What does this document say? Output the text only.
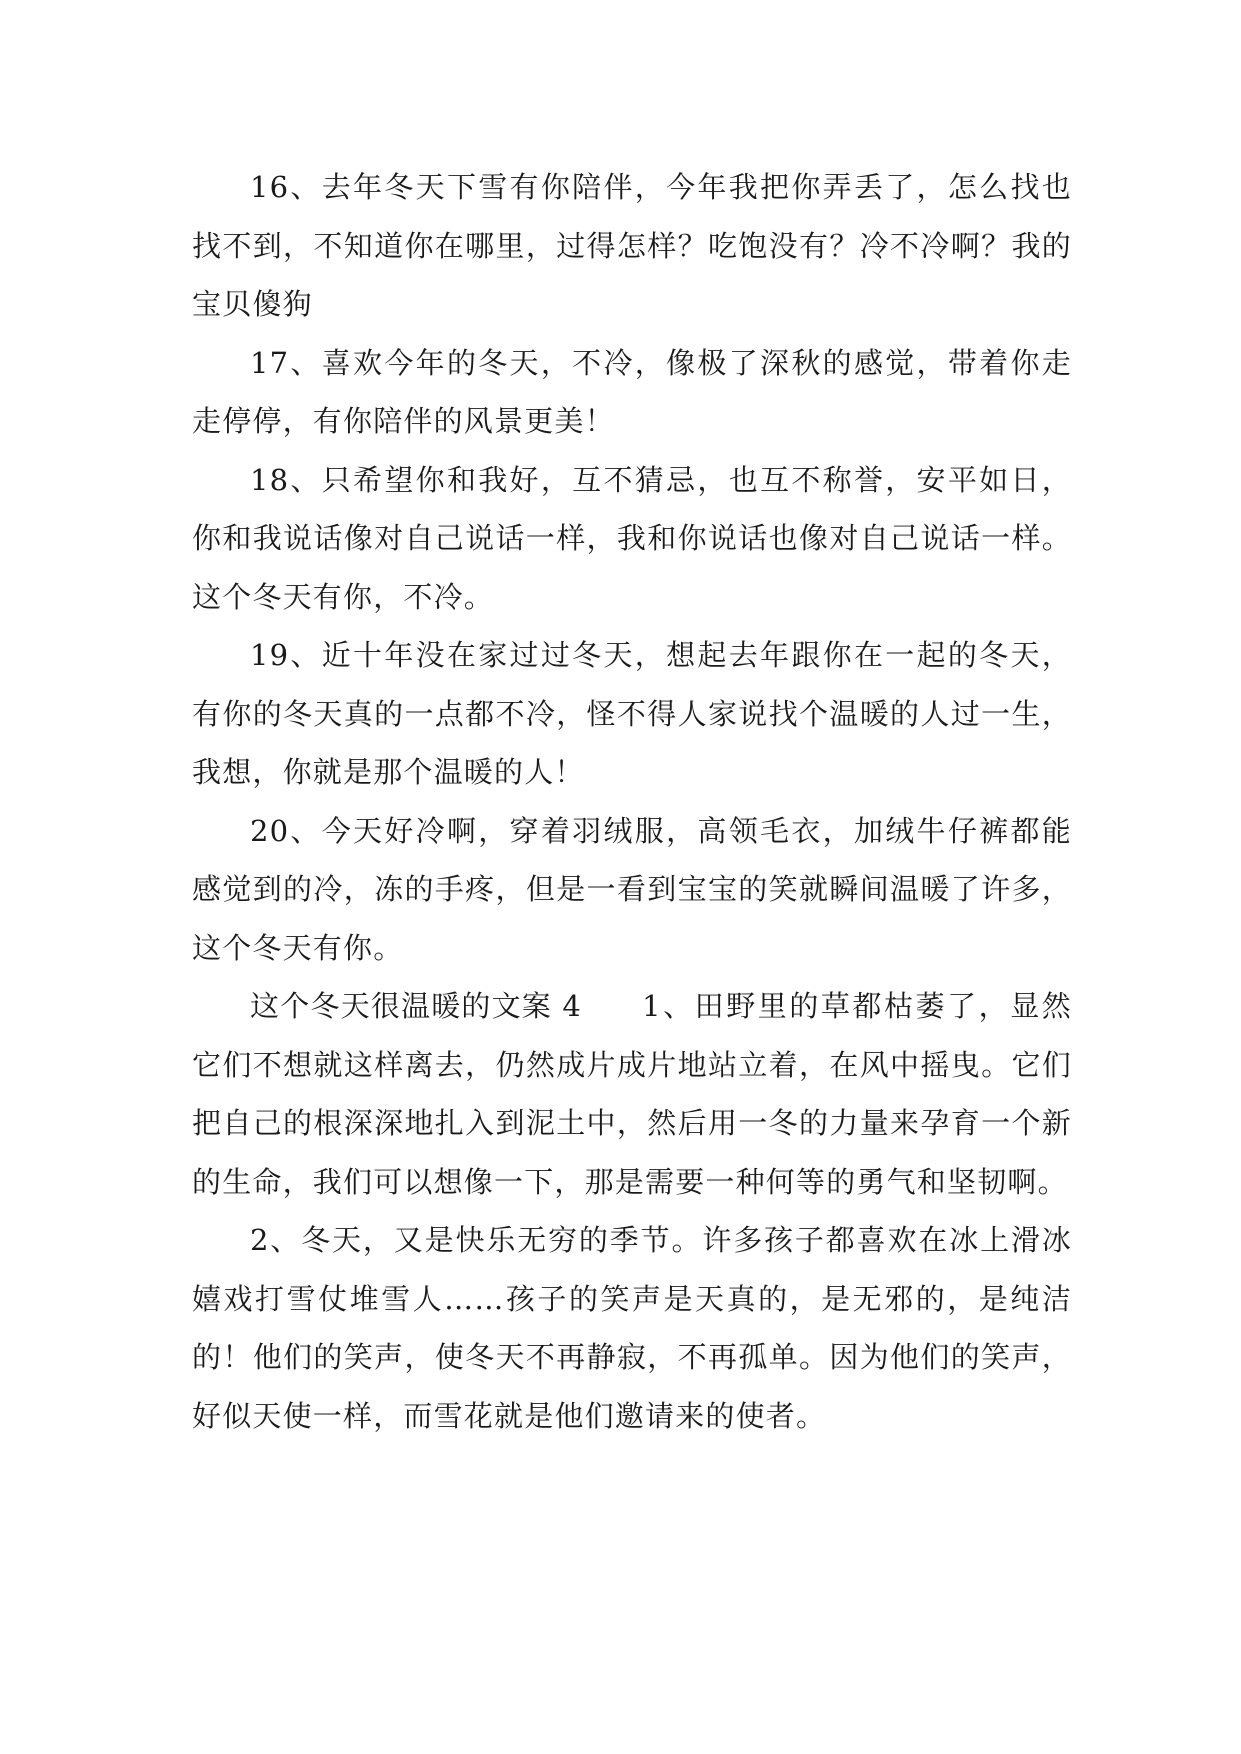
16、去年冬天下雪有你陪伴，今年我把你弄丢了，怎么找也找不到，不知道你在哪里，过得怎样？吃饱没有？冷不冷啊？我的宝贝傻狗

17、喜欢今年的冬天，不冷，像极了深秋的感觉，带着你走走停停，有你陪伴的风景更美！

18、只希望你和我好，互不猜忌，也互不称誉，安平如日，你和我说话像对自己说话一样，我和你说话也像对自己说话一样。这个冬天有你，不冷。

19、近十年没在家过过冬天，想起去年跟你在一起的冬天，有你的冬天真的一点都不冷，怪不得人家说找个温暖的人过一生，我想，你就是那个温暖的人！

20、今天好冷啊，穿着羽绒服，高领毛衣，加绒牛仔裤都能感觉到的冷，冻的手疼，但是一看到宝宝的笑就瞬间温暖了许多，这个冬天有你。

这个冬天很温暖的文案 4 1、田野里的草都枯萎了，显然它们不想就这样离去，仍然成片成片地站立着，在风中摇曳。它们把自己的根深深地扎入到泥土中，然后用一冬的力量来孕育一个新的生命，我们可以想像一下，那是需要一种何等的勇气和坚韧啊。

2、冬天，又是快乐无穷的季节。许多孩子都喜欢在冰上滑冰嬉戏打雪仗堆雪人……孩子的笑声是天真的，是无邪的，是纯洁的！他们的笑声，使冬天不再静寂，不再孤单。因为他们的笑声，好似天使一样，而雪花就是他们邀请来的使者。
